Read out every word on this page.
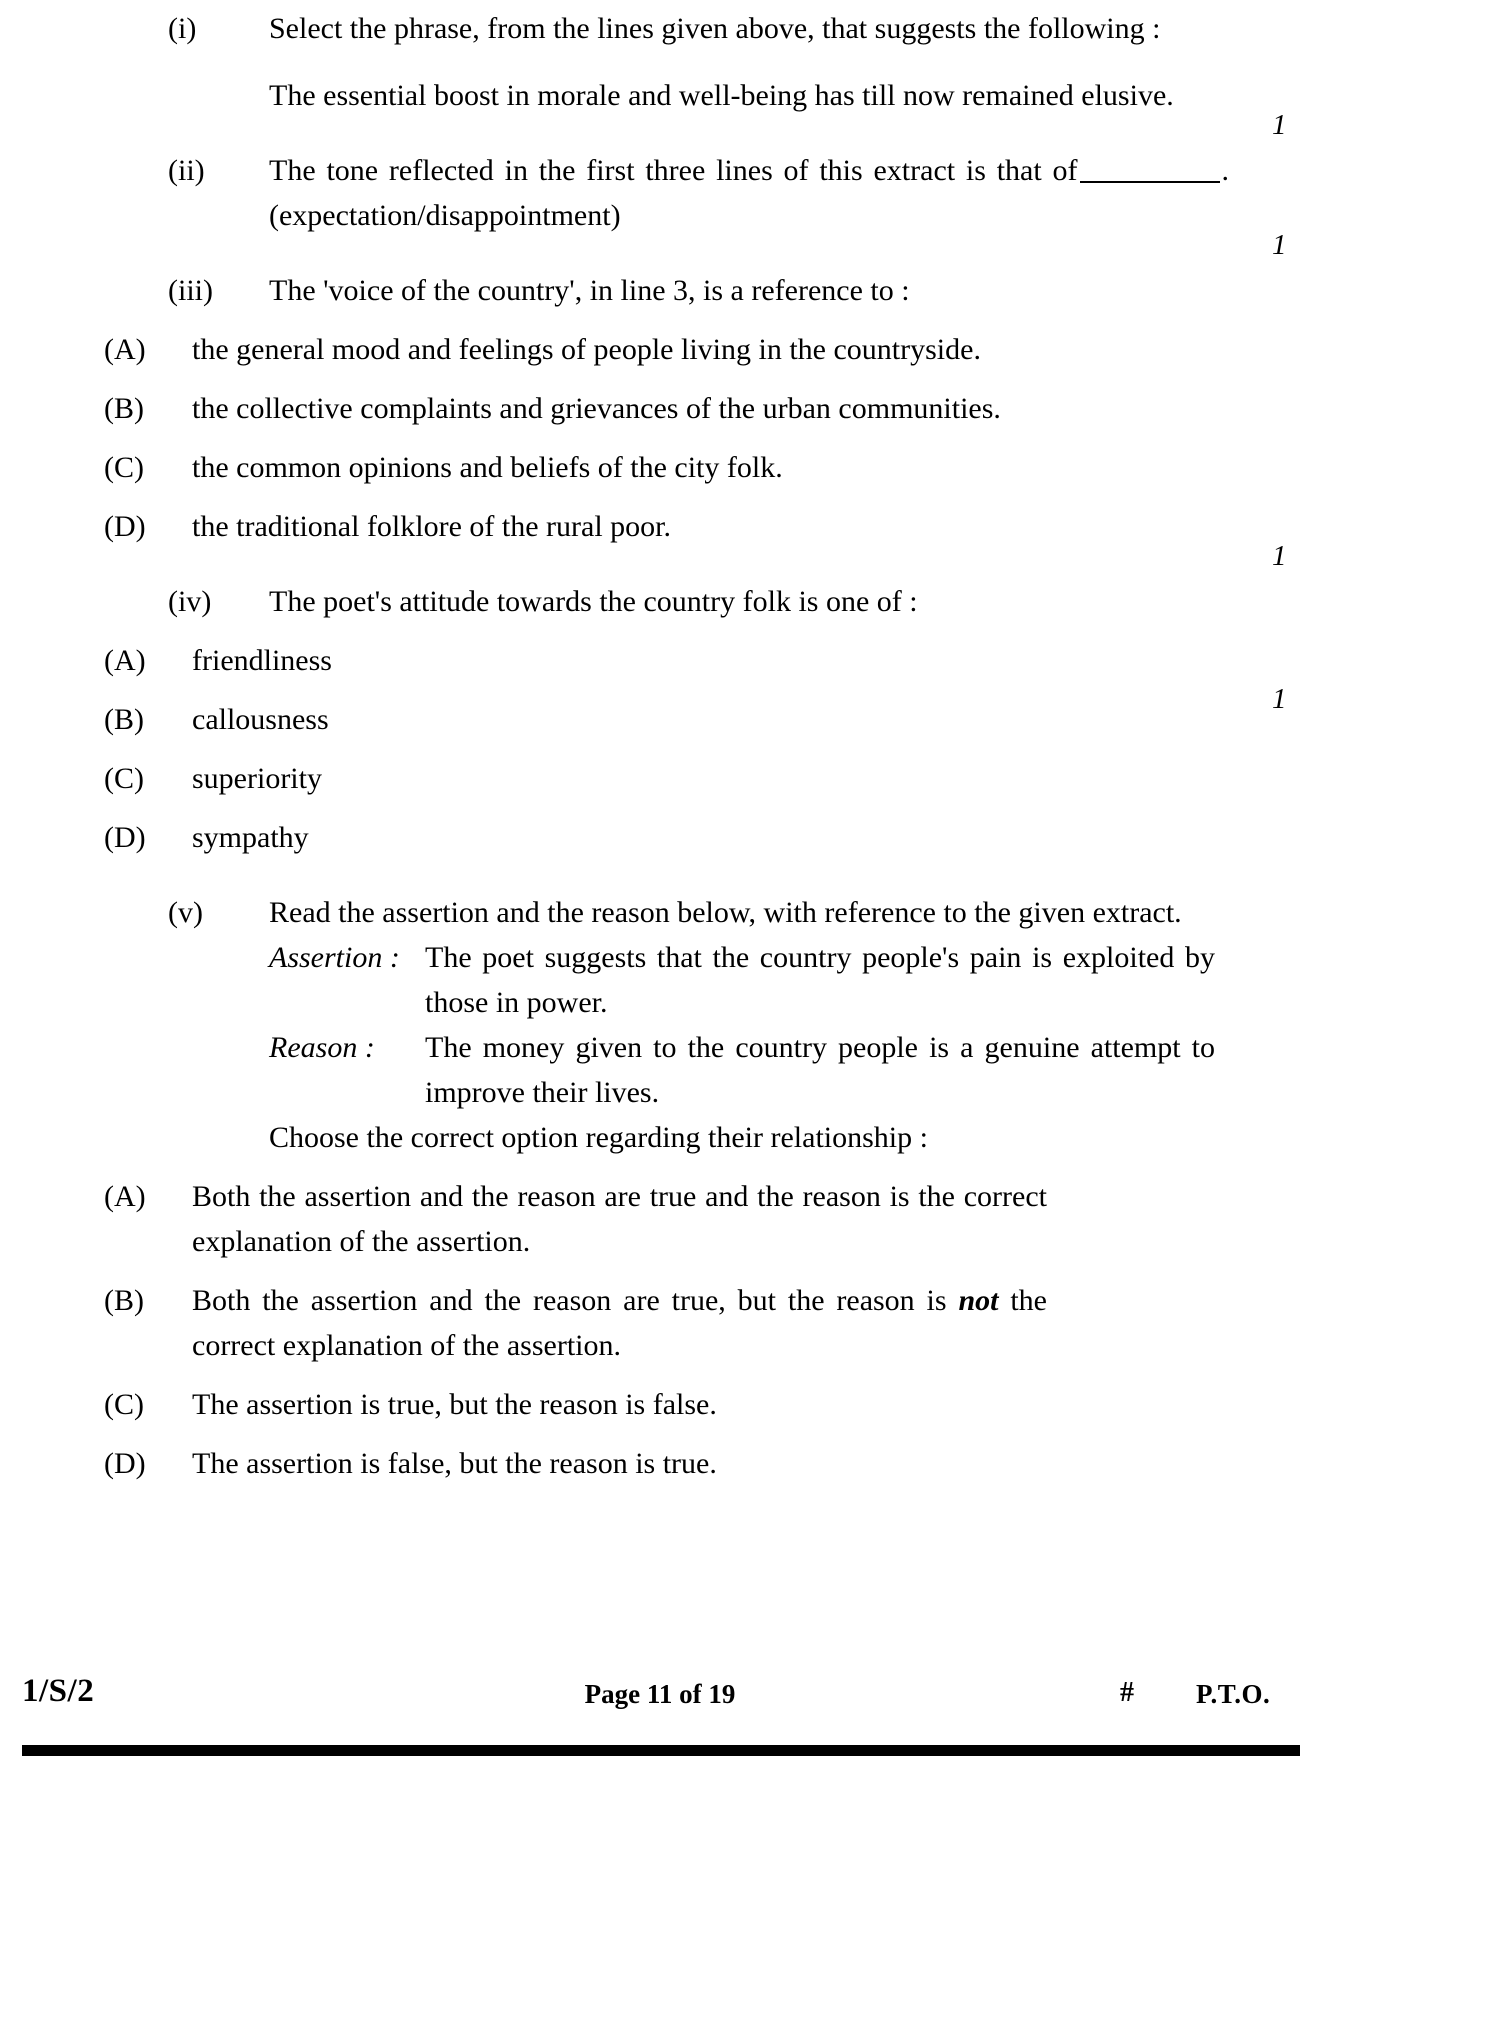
(i)	Select the phrase, from the lines given above, that suggests the following :
The essential boost in morale and well-being has till now remained elusive.
(ii)	The tone reflected in the first three lines of this extract is that of	. (expectation/disappointment)
1
(iii)	The 'voice of the country', in line 3, is a reference to :
1
(A)	the general mood and feelings of people living in the countryside.
(B)	the collective complaints and grievances of the urban communities.
(C)	the common opinions and beliefs of the city folk.
(D)	the traditional folklore of the rural poor.
(iv)	The poet's attitude towards the country folk is one of :
1
(A)	friendliness
(B)	callousness
(C)	superiority
(D)	sympathy
(v)	Read the assertion and the reason below, with reference to the given extract.
Assertion : The poet suggests that the country people's pain is exploited by those in power.
Reason :	The money given to the country people is a genuine attempt to improve their lives.
Choose the correct option regarding their relationship :
1
(A)	Both the assertion and the reason are true and the reason is the correct explanation of the assertion.
(B)	Both the assertion and the reason are true, but the reason is not the correct explanation of the assertion.
(C)	The assertion is true, but the reason is false.
(D)	The assertion is false, but the reason is true.
1/S/2	Page 11 of 19	# P.T.O.
